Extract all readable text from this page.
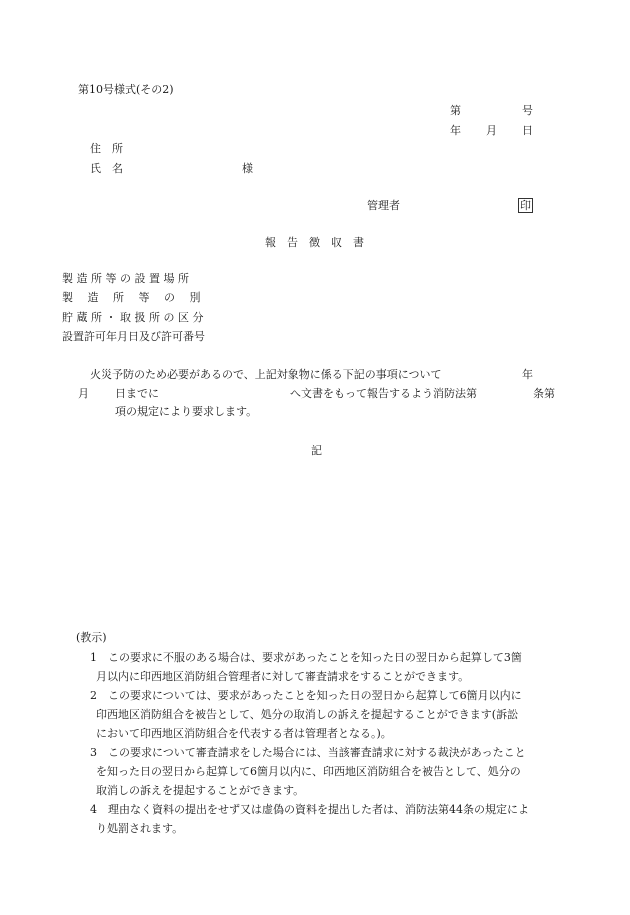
第10号様式(その2)
第	号
年 月 日
住　所
氏　名	様
管理者	印
報　告　徴　収　書
製 造 所 等 の 設 置 場 所
製　 造　 所　 等　 の　 別
貯 蔵 所 ・ 取 扱 所 の 区 分
設置許可年月日及び許可番号
火災予防のため必要があるので、上記対象物に係る下記の事項について	年
月 日までに	へ文書をもって報告するよう消防法第	条第
項の規定により要求します。
記
(教示)
1 この要求に不服のある場合は、要求があったことを知った日の翌日から起算して3箇
月以内に印西地区消防組合管理者に対して審査請求をすることができます。
2 この要求については、要求があったことを知った日の翌日から起算して6箇月以内に
印西地区消防組合を被告として、処分の取消しの訴えを提起することができます(訴訟
において印西地区消防組合を代表する者は管理者となる。)。
3 この要求について審査請求をした場合には、当該審査請求に対する裁決があったこと
を知った日の翌日から起算して6箇月以内に、印西地区消防組合を被告として、処分の
取消しの訴えを提起することができます。
4 理由なく資料の提出をせず又は虚偽の資料を提出した者は、消防法第44条の規定によ
り処罰されます。
